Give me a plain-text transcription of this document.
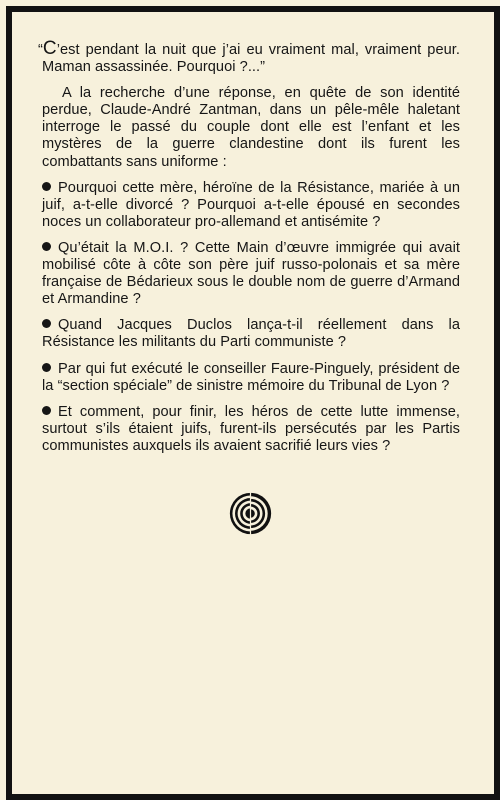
“C’est pendant la nuit que j’ai eu vraiment mal, vraiment peur. Maman assassinée. Pourquoi ?...”

A la recherche d’une réponse, en quête de son identité perdue, Claude-André Zantman, dans un pêle-mêle haletant interroge le passé du couple dont elle est l’enfant et les mystères de la guerre clandestine dont ils furent les combattants sans uniforme :

Pourquoi cette mère, héroïne de la Résistance, mariée à un juif, a-t-elle divorcé ? Pourquoi a-t-elle épousé en secondes noces un collaborateur pro-allemand et antisémite ?

Qu’était la M.O.I. ? Cette Main d’œuvre immigrée qui avait mobilisé côte à côte son père juif russo-polonais et sa mère française de Bédarieux sous le double nom de guerre d’Armand et Armandine ?

Quand Jacques Duclos lança-t-il réellement dans la Résistance les militants du Parti communiste ?

Par qui fut exécuté le conseiller Faure-Pinguely, président de la “section spéciale” de sinistre mémoire du Tribunal de Lyon ?

Et comment, pour finir, les héros de cette lutte immense, surtout s’ils étaient juifs, furent-ils persécutés par les Partis communistes auxquels ils avaient sacrifié leurs vies ?
